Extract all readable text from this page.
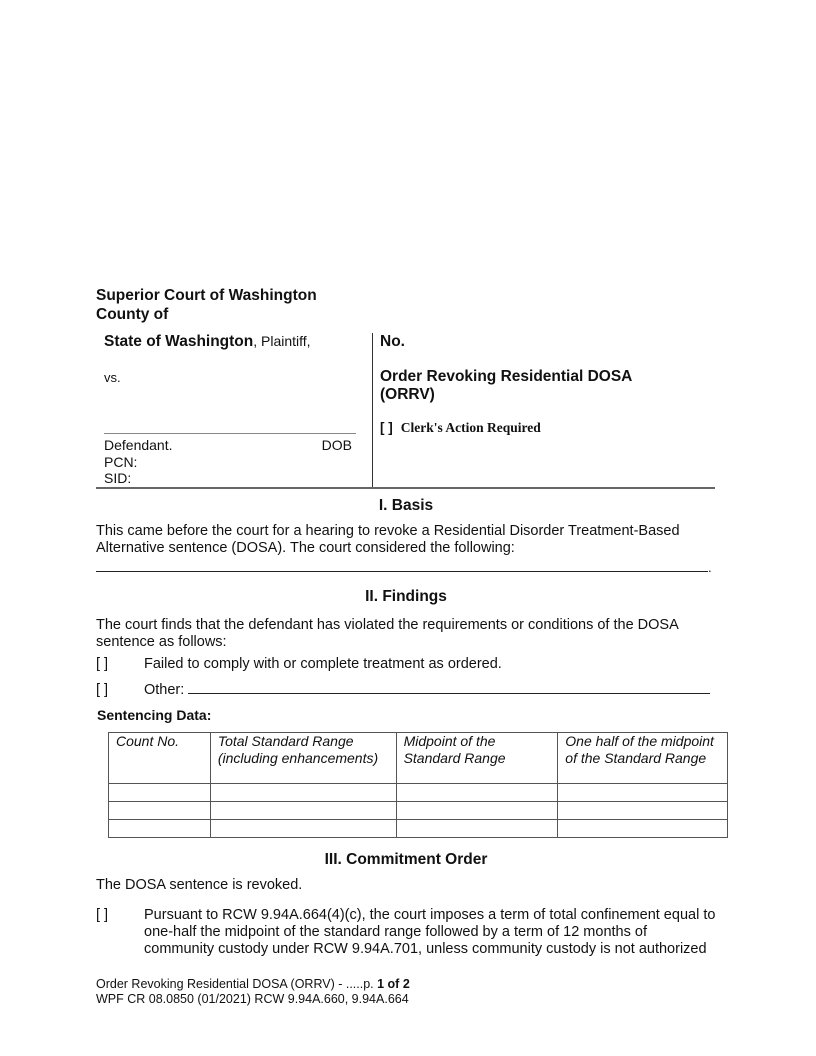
Superior Court of Washington
County of
State of Washington, Plaintiff,
vs.
Defendant.	DOB
PCN:
SID:
No.
Order Revoking Residential DOSA
(ORRV)
[ ] Clerk's Action Required
I. Basis
This came before the court for a hearing to revoke a Residential Disorder Treatment-Based Alternative sentence (DOSA). The court considered the following:
.
II. Findings
The court finds that the defendant has violated the requirements or conditions of the DOSA sentence as follows:
[ ] Failed to comply with or complete treatment as ordered.
[ ] Other:
Sentencing Data:
Count No.	Total Standard Range (including enhancements)	Midpoint of the Standard Range	One half of the midpoint of the Standard Range

III. Commitment Order
The DOSA sentence is revoked.
[ ] Pursuant to RCW 9.94A.664(4)(c), the court imposes a term of total confinement equal to one-half the midpoint of the standard range followed by a term of 12 months of community custody under RCW 9.94A.701, unless community custody is not authorized
Order Revoking Residential DOSA (ORRV) - .....p. 1 of 2
WPF CR 08.0850 (01/2021) RCW 9.94A.660, 9.94A.664
